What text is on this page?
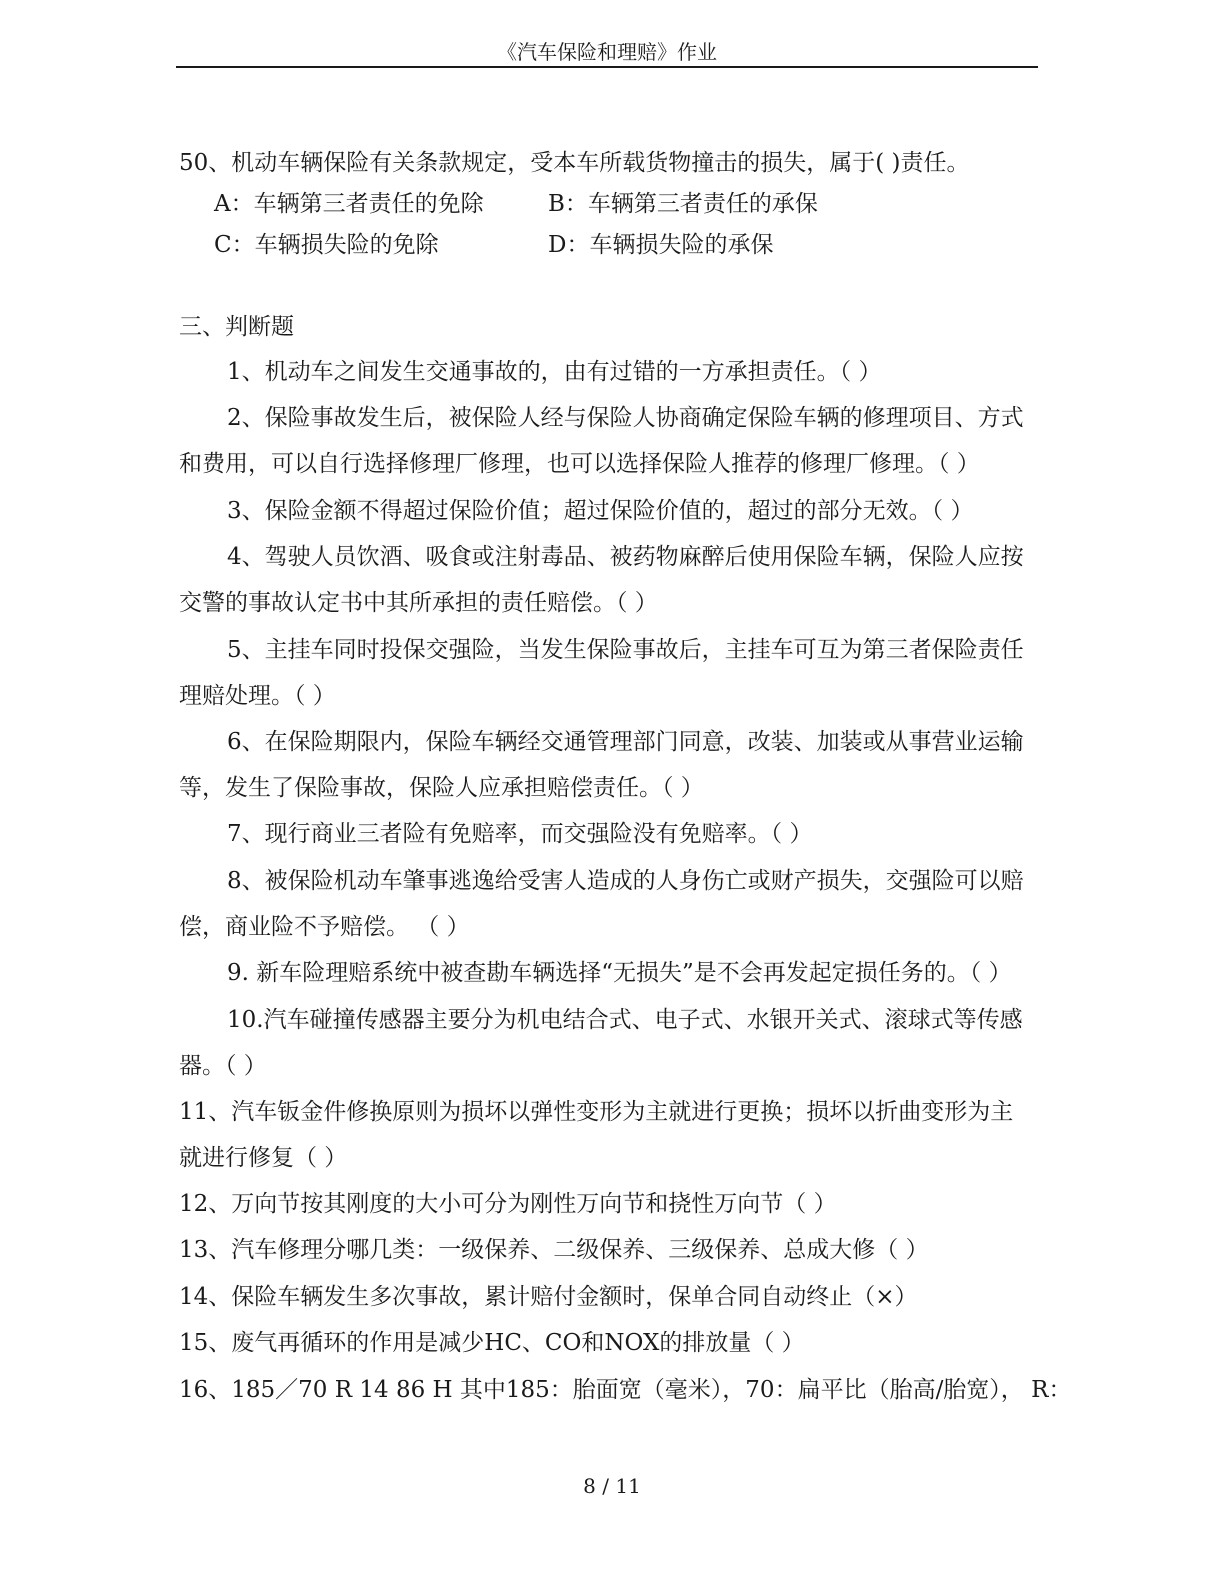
《汽车保险和理赔》作业
50、机动车辆保险有关条款规定，受本车所载货物撞击的损失，属于( )责任。
A：车辆第三者责任的免除	B：车辆第三者责任的承保
C：车辆损失险的免除	D：车辆损失险的承保
三、判断题
1、机动车之间发生交通事故的，由有过错的一方承担责任。（ ）
2、保险事故发生后，被保险人经与保险人协商确定保险车辆的修理项目、方式
和费用，可以自行选择修理厂修理，也可以选择保险人推荐的修理厂修理。（ ）
3、保险金额不得超过保险价值；超过保险价值的，超过的部分无效。（ ）
4、驾驶人员饮酒、吸食或注射毒品、被药物麻醉后使用保险车辆，保险人应按
交警的事故认定书中其所承担的责任赔偿。（ ）
5、主挂车同时投保交强险，当发生保险事故后，主挂车可互为第三者保险责任
理赔处理。（ ）
6、在保险期限内，保险车辆经交通管理部门同意，改装、加装或从事营业运输
等，发生了保险事故，保险人应承担赔偿责任。（ ）
7、现行商业三者险有免赔率，而交强险没有免赔率。（ ）
8、被保险机动车肇事逃逸给受害人造成的人身伤亡或财产损失，交强险可以赔
偿，商业险不予赔偿。 （ ）
9. 新车险理赔系统中被查勘车辆选择“无损失”是不会再发起定损任务的。（ ）
10.汽车碰撞传感器主要分为机电结合式、电子式、水银开关式、滚球式等传感
器。（ ）
11、汽车钣金件修换原则为损坏以弹性变形为主就进行更换；损坏以折曲变形为主
就进行修复（ ）
12、万向节按其刚度的大小可分为刚性万向节和挠性万向节（ ）
13、汽车修理分哪几类：一级保养、二级保养、三级保养、总成大修（ ）
14、保险车辆发生多次事故，累计赔付金额时，保单合同自动终止（×）
15、废气再循环的作用是减少HC、CO和NOX的排放量（ ）
16、185／70 R 14 86 H 其中185：胎面宽（毫米），70：扁平比（胎高/胎宽）， R：
8 / 11
